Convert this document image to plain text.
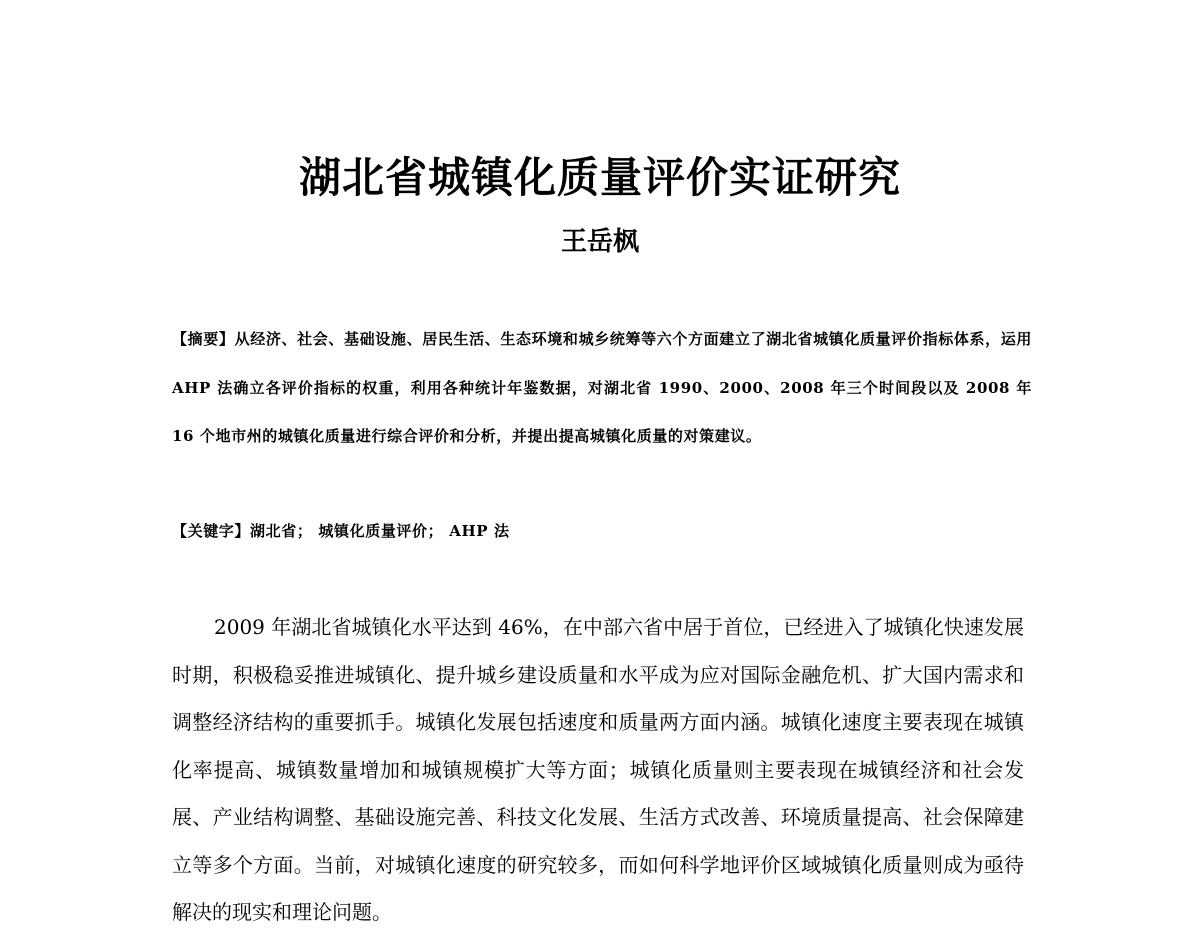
湖北省城镇化质量评价实证研究
王岳枫

【摘要】从经济、社会、基础设施、居民生活、生态环境和城乡统筹等六个方面建立了湖北省城镇化质量评价指标体系，运用 AHP 法确立各评价指标的权重，利用各种统计年鉴数据，对湖北省 1990、2000、2008 年三个时间段以及 2008 年 16 个地市州的城镇化质量进行综合评价和分析，并提出提高城镇化质量的对策建议。

【关键字】湖北省； 城镇化质量评价； AHP 法

2009 年湖北省城镇化水平达到 46%，在中部六省中居于首位，已经进入了城镇化快速发展时期，积极稳妥推进城镇化、提升城乡建设质量和水平成为应对国际金融危机、扩大国内需求和调整经济结构的重要抓手。城镇化发展包括速度和质量两方面内涵。城镇化速度主要表现在城镇化率提高、城镇数量增加和城镇规模扩大等方面；城镇化质量则主要表现在城镇经济和社会发展、产业结构调整、基础设施完善、科技文化发展、生活方式改善、环境质量提高、社会保障建立等多个方面。当前，对城镇化速度的研究较多，而如何科学地评价区域城镇化质量则成为亟待解决的现实和理论问题。
